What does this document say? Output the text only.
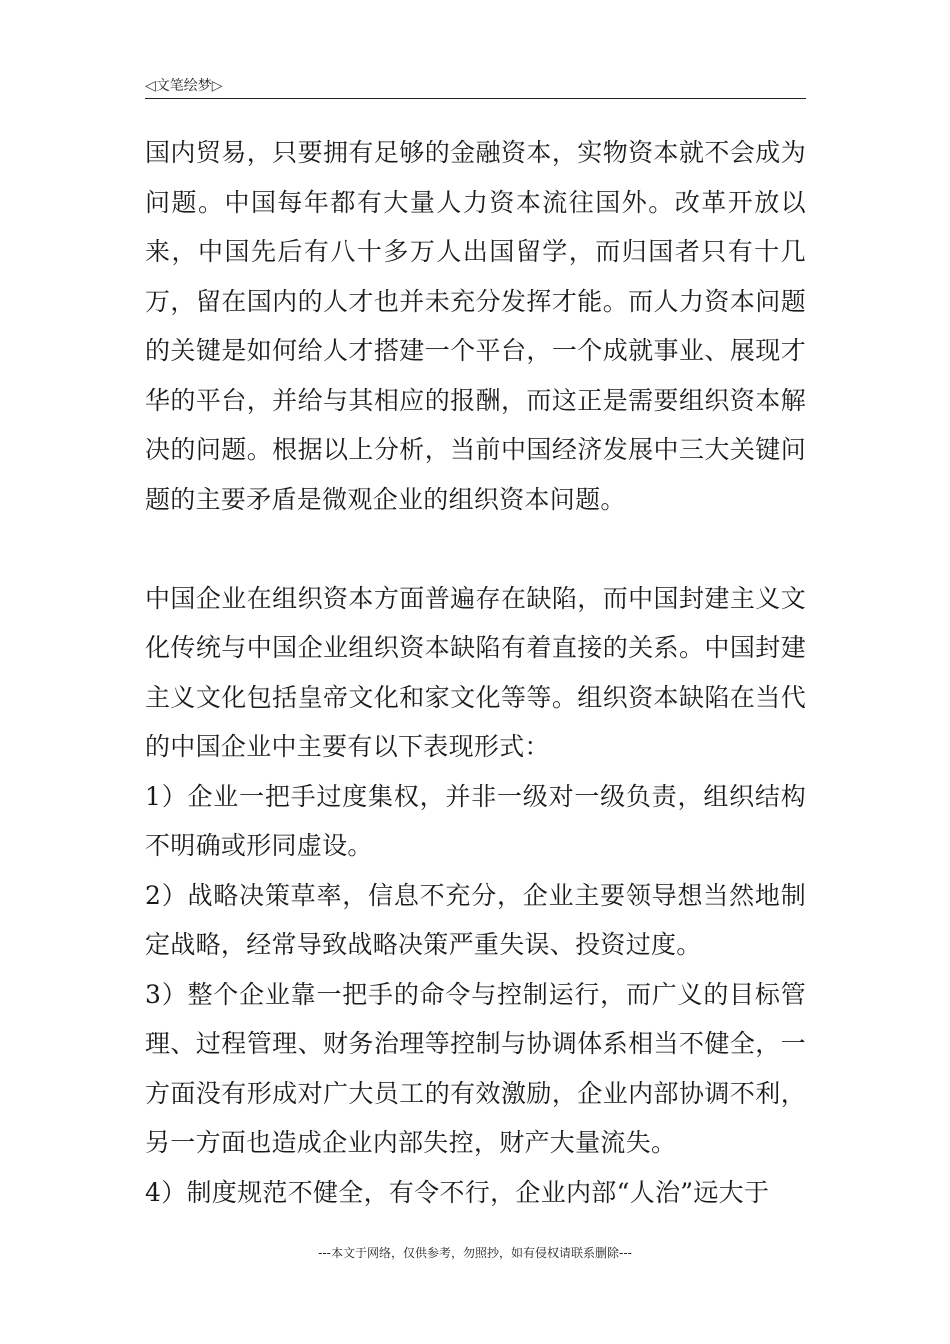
◁ 文笔绘梦 ▷

国内贸易，只要拥有足够的金融资本，实物资本就不会成为问题。中国每年都有大量人力资本流往国外。改革开放以来，中国先后有八十多万人出国留学，而归国者只有十几万，留在国内的人才也并未充分发挥才能。而人力资本问题的关键是如何给人才搭建一个平台，一个成就事业、展现才华的平台，并给与其相应的报酬，而这正是需要组织资本解决的问题。根据以上分析，当前中国经济发展中三大关键问题的主要矛盾是微观企业的组织资本问题。

中国企业在组织资本方面普遍存在缺陷，而中国封建主义文化传统与中国企业组织资本缺陷有着直接的关系。中国封建主义文化包括皇帝文化和家文化等等。组织资本缺陷在当代的中国企业中主要有以下表现形式：

1）企业一把手过度集权，并非一级对一级负责，组织结构不明确或形同虚设。

2）战略决策草率，信息不充分，企业主要领导想当然地制定战略，经常导致战略决策严重失误、投资过度。

3）整个企业靠一把手的命令与控制运行，而广义的目标管理、过程管理、财务治理等控制与协调体系相当不健全，一方面没有形成对广大员工的有效激励，企业内部协调不利，另一方面也造成企业内部失控，财产大量流失。

4）制度规范不健全，有令不行，企业内部“人治”远大于

---本文于网络，仅供参考，勿照抄，如有侵权请联系删除---
